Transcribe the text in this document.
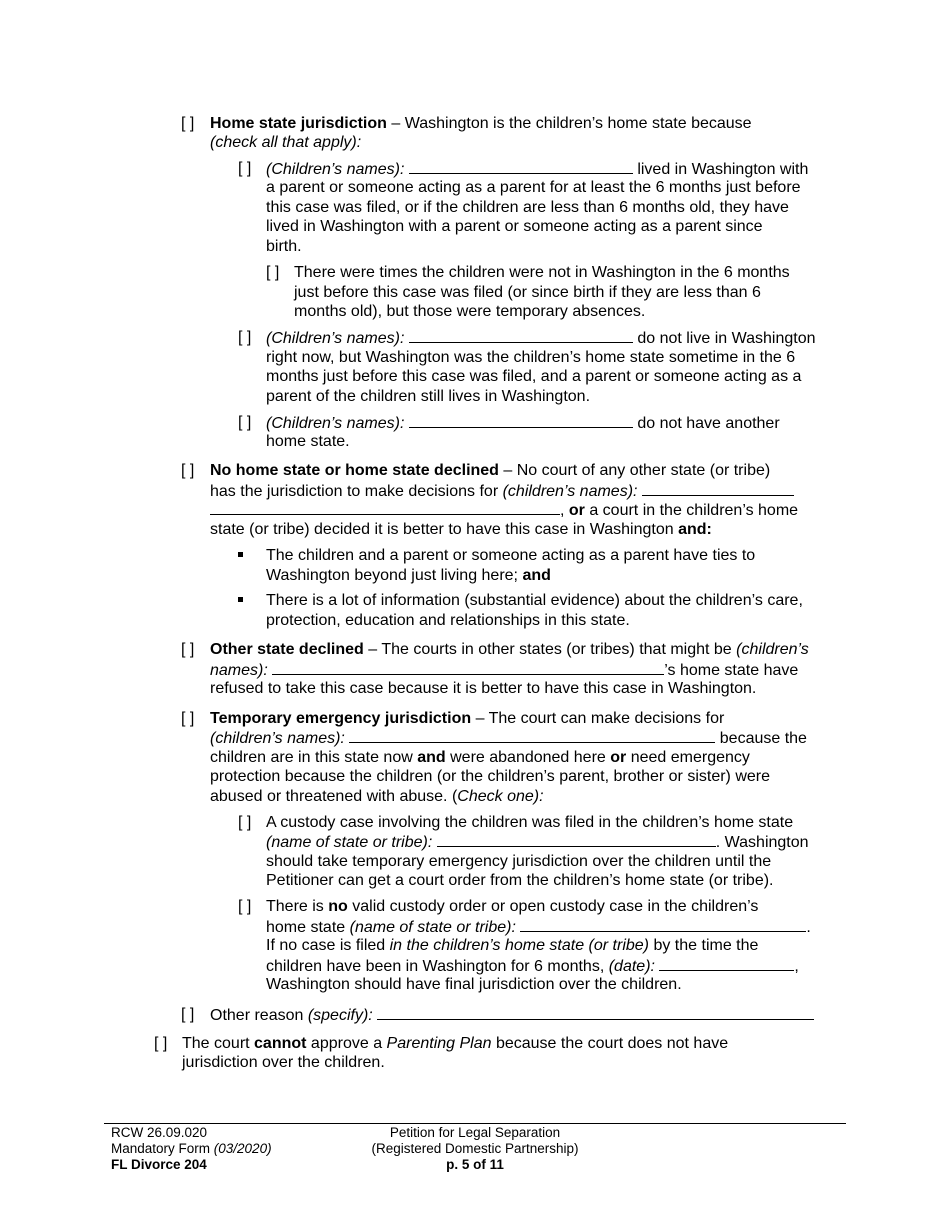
[ ] Home state jurisdiction – Washington is the children’s home state because
(check all that apply):
[ ] (Children’s names):	lived in Washington with
a parent or someone acting as a parent for at least the 6 months just before
this case was filed, or if the children are less than 6 months old, they have
lived in Washington with a parent or someone acting as a parent since
birth.
[ ] There were times the children were not in Washington in the 6 months
just before this case was filed (or since birth if they are less than 6
months old), but those were temporary absences.
[ ] (Children’s names):	do not live in Washington
right now, but Washington was the children’s home state sometime in the 6
months just before this case was filed, and a parent or someone acting as a
parent of the children still lives in Washington.
[ ] (Children’s names):	do not have another
home state.
[ ] No home state or home state declined – No court of any other state (or tribe)
has the jurisdiction to make decisions for (children’s names):
, or a court in the children’s home
state (or tribe) decided it is better to have this case in Washington and:
The children and a parent or someone acting as a parent have ties to
Washington beyond just living here; and
There is a lot of information (substantial evidence) about the children’s care,
protection, education and relationships in this state.
[ ] Other state declined – The courts in other states (or tribes) that might be (children’s
names):	’s home state have
refused to take this case because it is better to have this case in Washington.
[ ] Temporary emergency jurisdiction – The court can make decisions for
(children’s names):	because the
children are in this state now and were abandoned here or need emergency
protection because the children (or the children’s parent, brother or sister) were
abused or threatened with abuse. (Check one):
[ ] A custody case involving the children was filed in the children’s home state
(name of state or tribe):	. Washington
should take temporary emergency jurisdiction over the children until the
Petitioner can get a court order from the children’s home state (or tribe).
[ ] There is no valid custody order or open custody case in the children’s
home state (name of state or tribe):	.
If no case is filed in the children’s home state (or tribe) by the time the
children have been in Washington for 6 months, (date):	,
Washington should have final jurisdiction over the children.
[ ] Other reason (specify):
[ ] The court cannot approve a Parenting Plan because the court does not have
jurisdiction over the children.
RCW 26.09.020
Mandatory Form (03/2020)
FL Divorce 204
Petition for Legal Separation
(Registered Domestic Partnership)
p. 5 of 11
